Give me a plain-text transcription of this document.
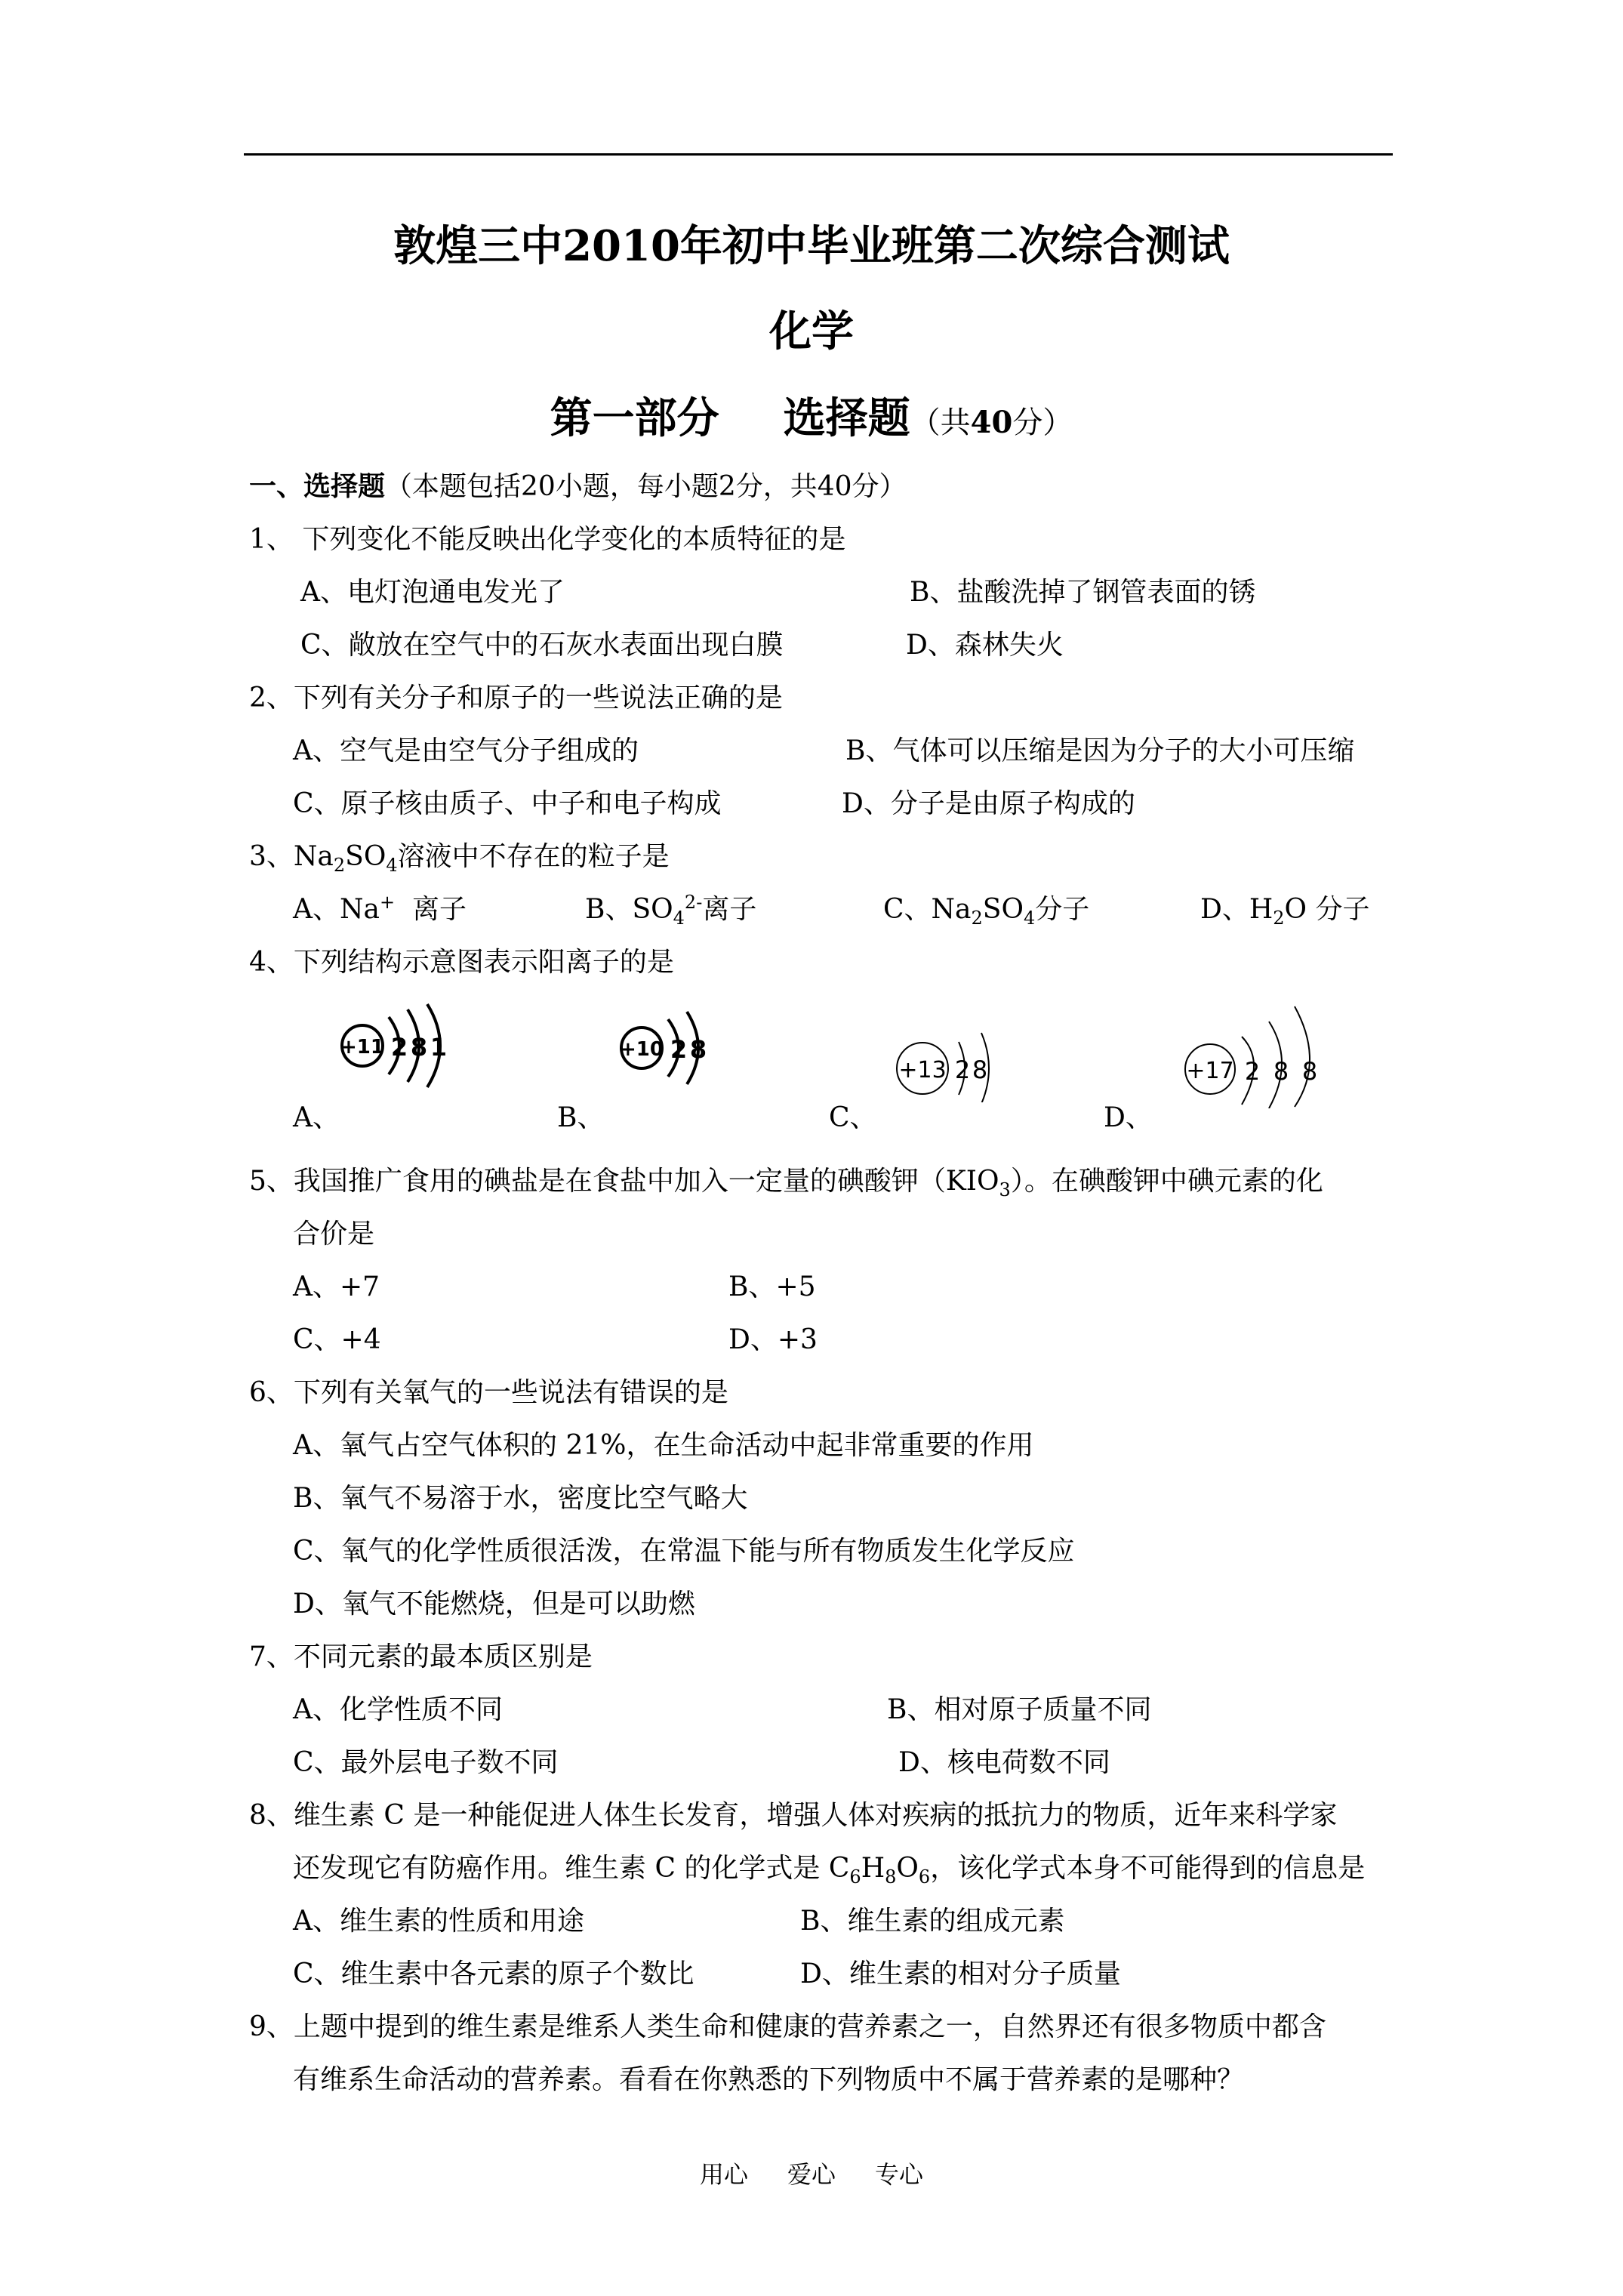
敦煌三中2010年初中毕业班第二次综合测试
化学
第一部分 选择题（共40分）
一、选择题（本题包括20小题，每小题2分，共40分）
1、 下列变化不能反映出化学变化的本质特征的是
A、电灯泡通电发光了	B、盐酸洗掉了钢管表面的锈
C、敞放在空气中的石灰水表面出现白膜	D、森林失火
2、下列有关分子和原子的一些说法正确的是
A、空气是由空气分子组成的	B、气体可以压缩是因为分子的大小可压缩
C、原子核由质子、中子和电子构成	D、分子是由原子构成的
3、$Na_2SO_4$溶液中不存在的粒子是
A、Na+  离子	B、$SO_4^{2-}$离子	C、$Na_2SO_4$分子	D、$H_2O$ 分子
4、下列结构示意图表示阳离子的是
+11 2 8 1
A、
+10 2 8
B、
+13 2 8
C、
+17 2 8 8
D、
5、我国推广食用的碘盐是在食盐中加入一定量的碘酸钾$(KIO_3)$。在碘酸钾中碘元素的化
合价是
A、+7	B、+5
C、+4	D、+3
6、下列有关氧气的一些说法有错误的是
A、氧气占空气体积的 21%，在生命活动中起非常重要的作用
B、氧气不易溶于水，密度比空气略大
C、氧气的化学性质很活泼，在常温下能与所有物质发生化学反应
D、氧气不能燃烧，但是可以助燃
7、不同元素的最本质区别是
A、化学性质不同	B、相对原子质量不同
C、最外层电子数不同	D、核电荷数不同
8、维生素 C 是一种能促进人体生长发育，增强人体对疾病的抵抗力的物质，近年来科学家
还发现它有防癌作用。维生素 C 的化学式是 $C_6H_8O_6$，该化学式本身不可能得到的信息是
A、维生素的性质和用途	B、维生素的组成元素
C、维生素中各元素的原子个数比	D、维生素的相对分子质量
9、上题中提到的维生素是维系人类生命和健康的营养素之一，自然界还有很多物质中都含
有维系生命活动的营养素。看看在你熟悉的下列物质中不属于营养素的是哪种？
用心 爱心 专心
